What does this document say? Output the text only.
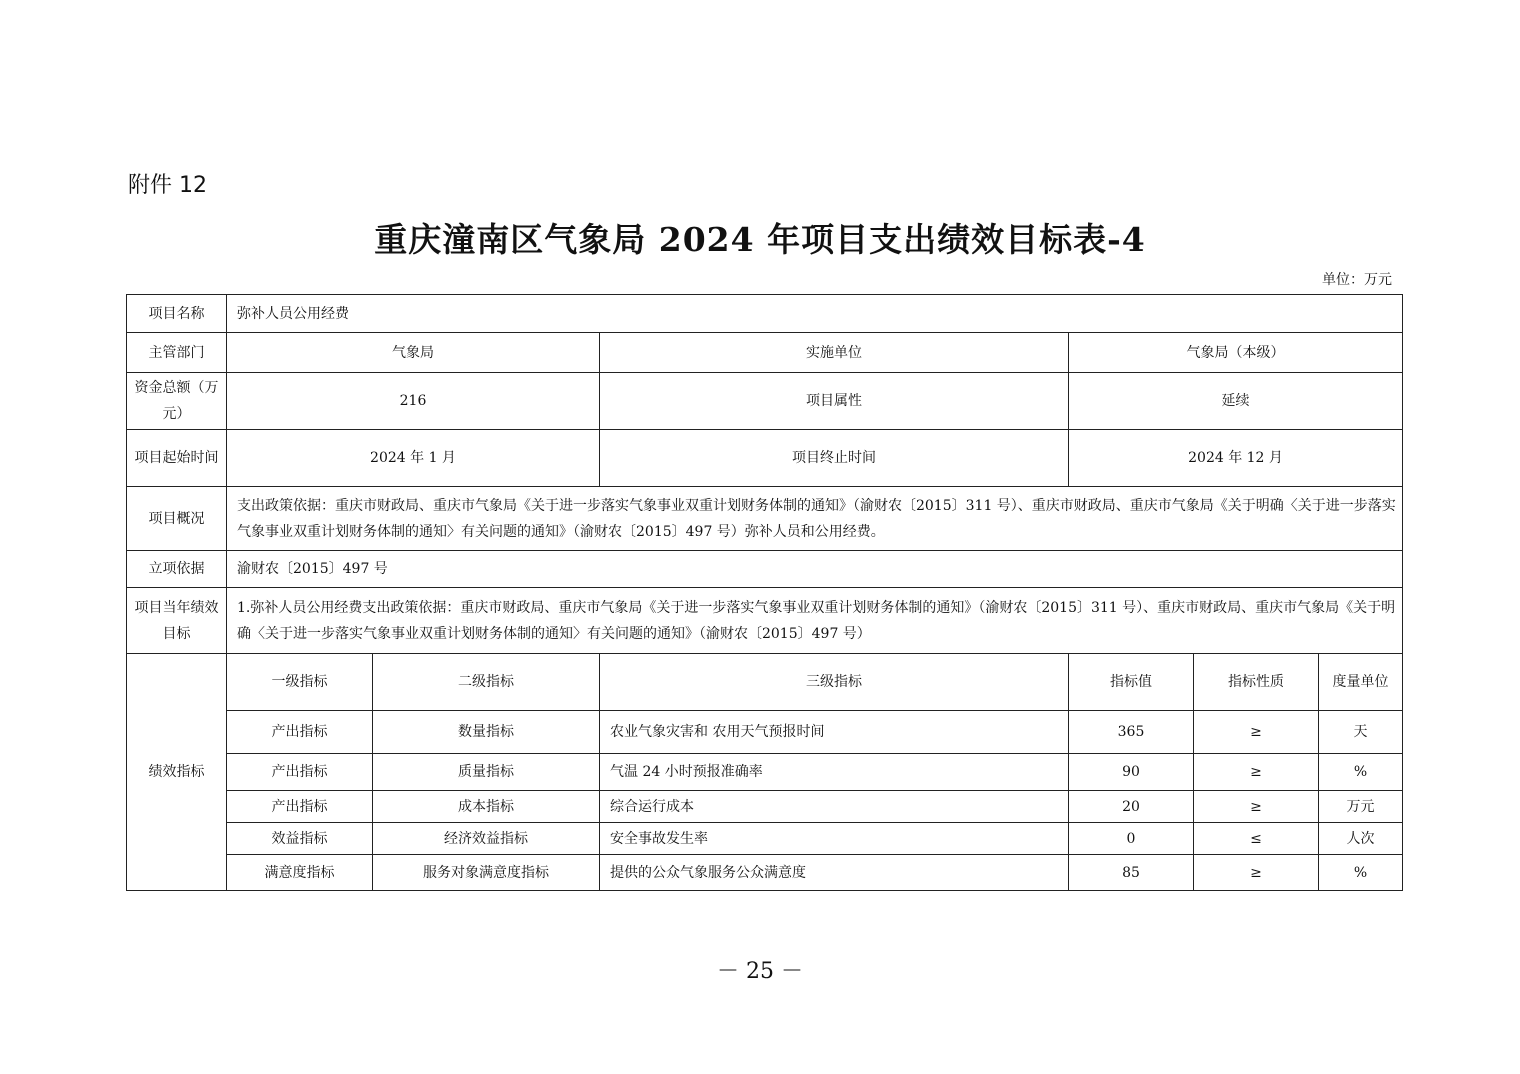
附件 12
重庆潼南区气象局 2024 年项目支出绩效目标表-4
单位：万元
项目名称	弥补人员公用经费						
主管部门	气象局		实施单位	气象局（本级）			
资金总额（万元）	216		项目属性	延续			
项目起始时间	2024 年 1 月		项目终止时间	2024 年 12 月			
项目概况	支出政策依据：重庆市财政局、重庆市气象局《关于进一步落实气象事业双重计划财务体制的通知》（渝财农〔2015〕311 号）、重庆市财政局、重庆市气象局《关于明确〈关于进一步落实气象事业双重计划财务体制的通知〉有关问题的通知》（渝财农〔2015〕497 号）弥补人员和公用经费。						
立项依据	渝财农〔2015〕497 号						
项目当年绩效目标	1.弥补人员公用经费支出政策依据：重庆市财政局、重庆市气象局《关于进一步落实气象事业双重计划财务体制的通知》（渝财农〔2015〕311 号）、重庆市财政局、重庆市气象局《关于明确〈关于进一步落实气象事业双重计划财务体制的通知〉有关问题的通知》（渝财农〔2015〕497 号）						
绩效指标	一级指标	二级指标	三级指标	指标值	指标性质	度量单位	
	产出指标	数量指标	农业气象灾害和 农用天气预报时间	365	≥	天	
	产出指标	质量指标	气温 24 小时预报准确率	90	≥	%	
	产出指标	成本指标	综合运行成本	20	≥	万元	
	效益指标	经济效益指标	安全事故发生率	0	≤	人次	
	满意度指标	服务对象满意度指标	提供的公众气象服务公众满意度	85	≥	%	
－ 25 －
